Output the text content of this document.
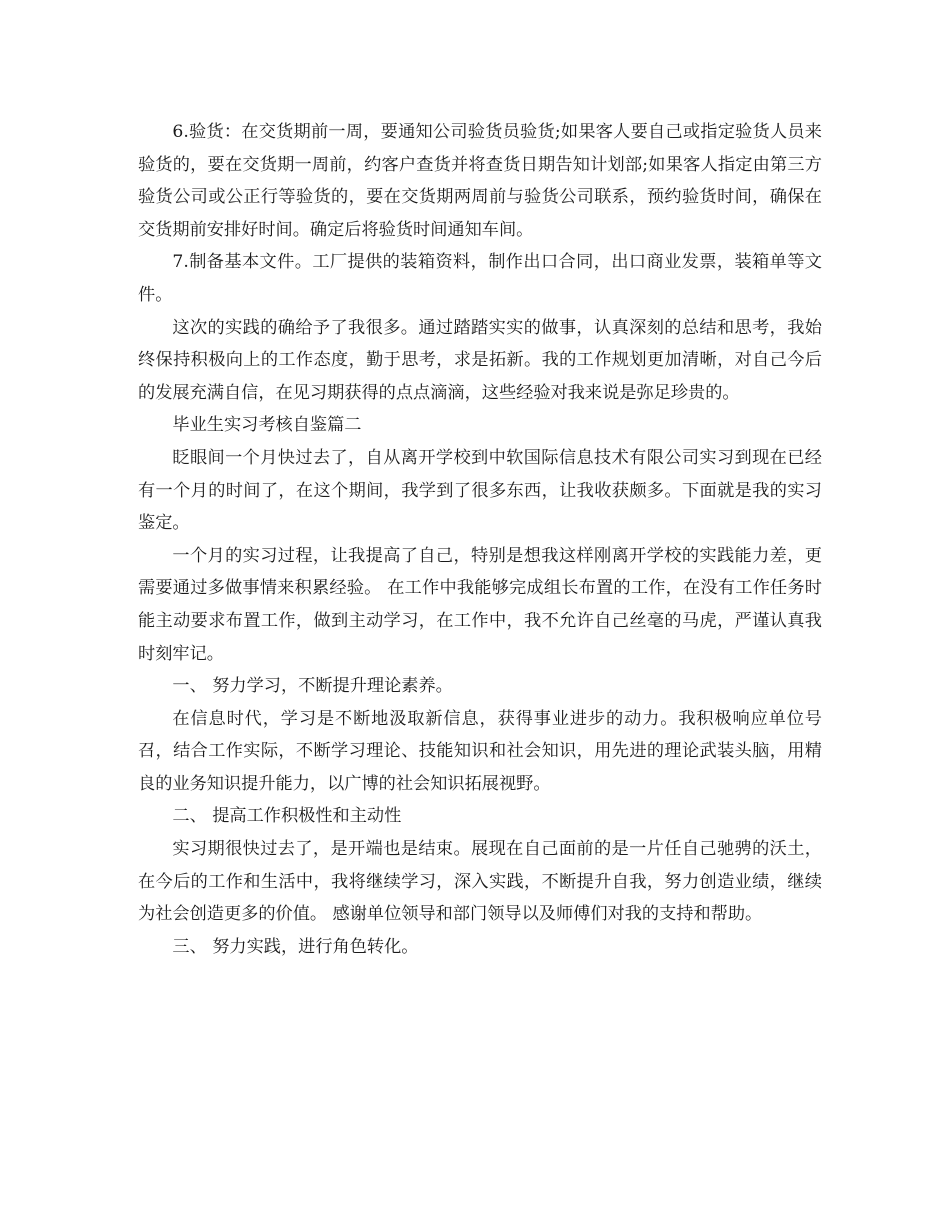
6.验货：在交货期前一周，要通知公司验货员验货;如果客人要自己或指定验货人员来验货的，要在交货期一周前，约客户查货并将查货日期告知计划部;如果客人指定由第三方验货公司或公正行等验货的，要在交货期两周前与验货公司联系，预约验货时间，确保在交货期前安排好时间。确定后将验货时间通知车间。

7.制备基本文件。工厂提供的装箱资料，制作出口合同，出口商业发票，装箱单等文件。

这次的实践的确给予了我很多。通过踏踏实实的做事，认真深刻的总结和思考，我始终保持积极向上的工作态度，勤于思考，求是拓新。我的工作规划更加清晰，对自己今后的发展充满自信，在见习期获得的点点滴滴，这些经验对我来说是弥足珍贵的。

毕业生实习考核自鉴篇二

眨眼间一个月快过去了，自从离开学校到中软国际信息技术有限公司实习到现在已经有一个月的时间了，在这个期间，我学到了很多东西，让我收获颇多。下面就是我的实习鉴定。

一个月的实习过程，让我提高了自己，特别是想我这样刚离开学校的实践能力差，更需要通过多做事情来积累经验。 在工作中我能够完成组长布置的工作，在没有工作任务时能主动要求布置工作，做到主动学习，在工作中，我不允许自己丝毫的马虎，严谨认真我时刻牢记。

一、 努力学习，不断提升理论素养。

在信息时代，学习是不断地汲取新信息，获得事业进步的动力。我积极响应单位号召，结合工作实际，不断学习理论、技能知识和社会知识，用先进的理论武装头脑，用精良的业务知识提升能力，以广博的社会知识拓展视野。

二、 提高工作积极性和主动性

实习期很快过去了，是开端也是结束。展现在自己面前的是一片任自己驰骋的沃土，在今后的工作和生活中，我将继续学习，深入实践，不断提升自我，努力创造业绩，继续为社会创造更多的价值。 感谢单位领导和部门领导以及师傅们对我的支持和帮助。

三、 努力实践，进行角色转化。
